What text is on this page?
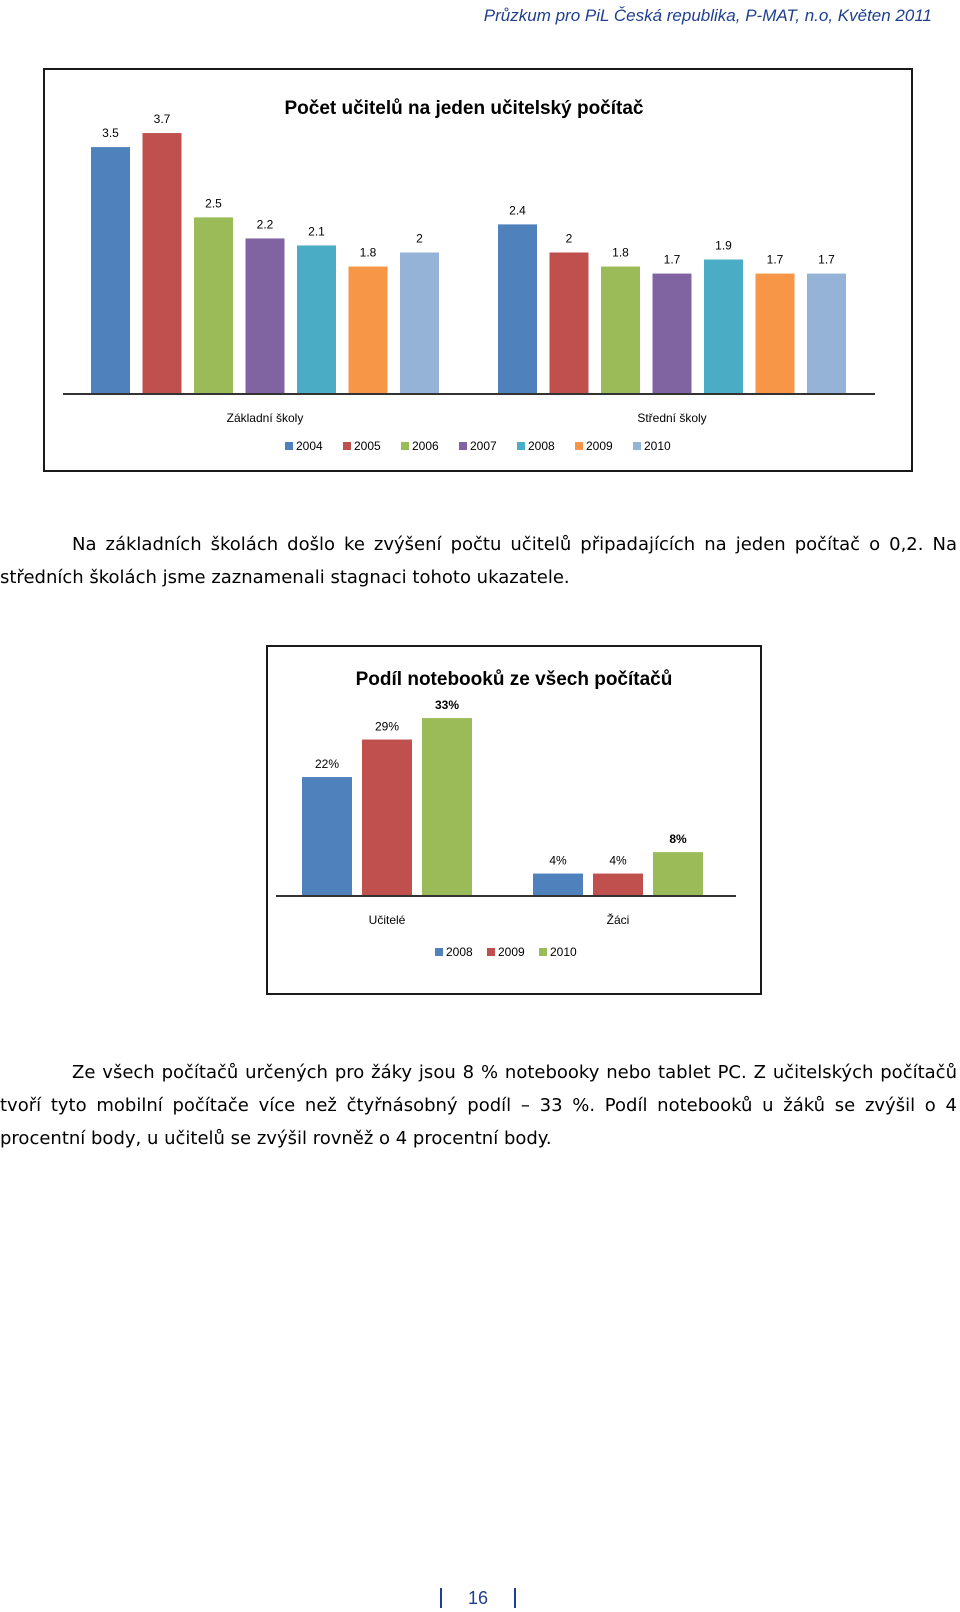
Průzkum pro PiL Česká republika, P-MAT, n.o, Květen 2011
Počet učitelů na jeden učitelský počítač
3.5
3.7
2.5
2.2
2.1
1.8
2
Základní školy
2.4
2
1.8
1.7
1.9
1.7	1.7
Střední školy
2004	2005	2006	2007	2008	2009	2010
Na základních školách došlo ke zvýšení počtu učitelů připadajících na jeden počítač o 0,2. Na středních školách jsme zaznamenali stagnaci tohoto ukazatele.
Podíl notebooků ze všech počítačů
22%
29%
33%
Učitelé
4%	4%
8%
Žáci
2008 2009 2010
Ze všech počítačů určených pro žáky jsou 8 % notebooky nebo tablet PC. Z učitelských počítačů tvoří tyto mobilní počítače více než čtyřnásobný podíl – 33 %. Podíl notebooků u žáků se zvýšil o 4 procentní body, u učitelů se zvýšil rovněž o 4 procentní body.
16
